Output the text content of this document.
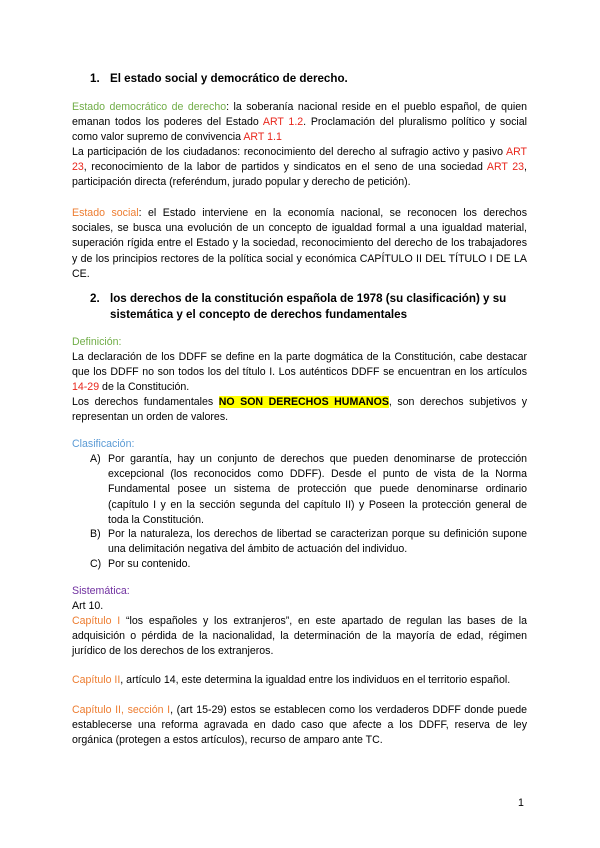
1. El estado social y democrático de derecho.
Estado democrático de derecho: la soberanía nacional reside en el pueblo español, de quien emanan todos los poderes del Estado ART 1.2. Proclamación del pluralismo político y social como valor supremo de convivencia ART 1.1
La participación de los ciudadanos: reconocimiento del derecho al sufragio activo y pasivo ART 23, reconocimiento de la labor de partidos y sindicatos en el seno de una sociedad ART 23, participación directa (referéndum, jurado popular y derecho de petición).
Estado social: el Estado interviene en la economía nacional, se reconocen los derechos sociales, se busca una evolución de un concepto de igualdad formal a una igualdad material, superación rígida entre el Estado y la sociedad, reconocimiento del derecho de los trabajadores y de los principios rectores de la política social y económica CAPÍTULO II DEL TÍTULO I DE LA CE.
2. los derechos de la constitución española de 1978 (su clasificación) y su
sistemática y el concepto de derechos fundamentales
Definición:
La declaración de los DDFF se define en la parte dogmática de la Constitución, cabe destacar que los DDFF no son todos los del título I. Los auténticos DDFF se encuentran en los artículos 14-29 de la Constitución.
Los derechos fundamentales NO SON DERECHOS HUMANOS, son derechos subjetivos y representan un orden de valores.
Clasificación:
A) Por garantía, hay un conjunto de derechos que pueden denominarse de protección excepcional (los reconocidos como DDFF). Desde el punto de vista de la Norma Fundamental posee un sistema de protección que puede denominarse ordinario (capítulo I y en la sección segunda del capítulo II) y Poseen la protección general de toda la Constitución.
B) Por la naturaleza, los derechos de libertad se caracterizan porque su definición supone una delimitación negativa del ámbito de actuación del individuo.
C) Por su contenido.
Sistemática:
Art 10.
Capítulo I “los españoles y los extranjeros”, en este apartado de regulan las bases de la adquisición o pérdida de la nacionalidad, la determinación de la mayoría de edad, régimen jurídico de los derechos de los extranjeros.
Capítulo II, artículo 14, este determina la igualdad entre los individuos en el territorio español.
Capítulo II, sección I, (art 15-29) estos se establecen como los verdaderos DDFF donde puede establecerse una reforma agravada en dado caso que afecte a los DDFF, reserva de ley orgánica (protegen a estos artículos), recurso de amparo ante TC.
1
